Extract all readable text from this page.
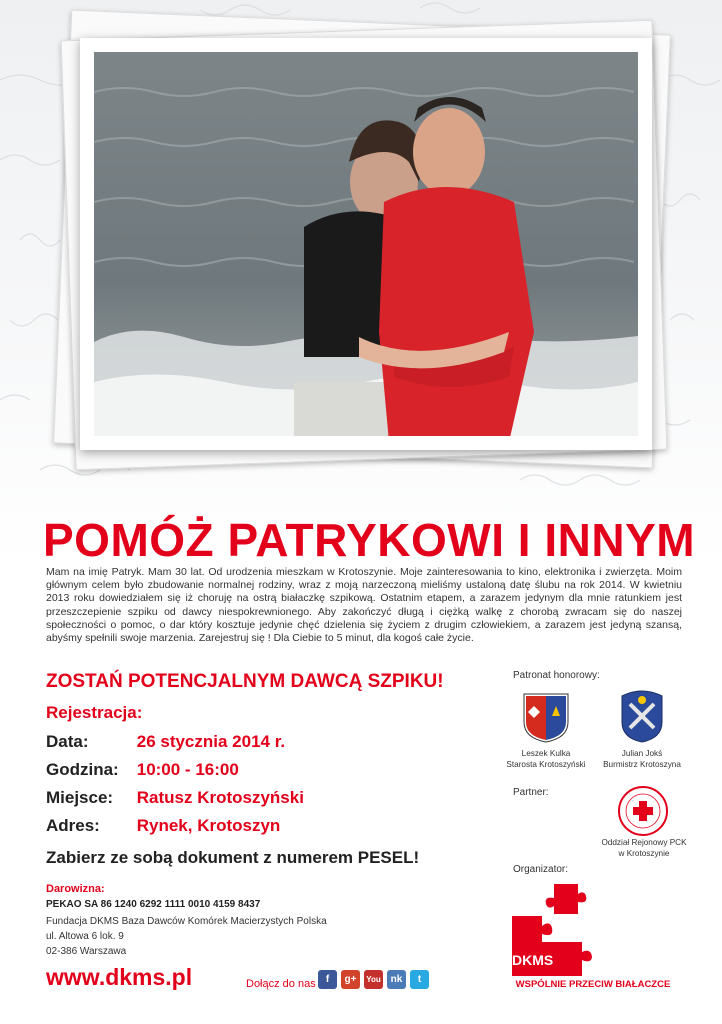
POMÓŻ PATRYKOWI I INNYM
Mam na imię Patryk. Mam 30 lat. Od urodzenia mieszkam w Krotoszynie. Moje zainteresowania to kino, elektronika i zwierzęta. Moim głównym celem było zbudowanie normalnej rodziny, wraz z moją narzeczoną mieliśmy ustaloną datę ślubu na rok 2014. W kwietniu 2013 roku dowiedziałem się iż choruję na ostrą białaczkę szpikową. Ostatnim etapem, a zarazem jedynym dla mnie ratunkiem jest przeszczepienie szpiku od dawcy niespokrewnionego. Aby zakończyć długą i ciężką walkę z chorobą zwracam się do naszej społeczności o pomoc, o dar który kosztuje jedynie chęć dzielenia się życiem z drugim człowiekiem, a zarazem jest jedyną szansą, abyśmy spełnili swoje marzenia. Zarejestruj się ! Dla Ciebie to 5 minut, dla kogoś całe życie.
ZOSTAŃ POTENCJALNYM DAWCĄ SZPIKU!
Rejestracja:
Data:	26 stycznia 2014 r.
Godzina: 10:00 - 16:00
Miejsce: Ratusz Krotoszyński
Adres: Rynek, Krotoszyn
Zabierz ze sobą dokument z numerem PESEL!
Darowizna:
PEKAO SA 86 1240 6292 1111 0010 4159 8437
Fundacja DKMS Baza Dawców Komórek Macierzystych Polska
ul. Altowa 6 lok. 9
02-386 Warszawa
www.dkms.pl	Dołącz do nas	f	g+	You nk	t
Patronat honorowy:
Leszek Kulka
Starosta Krotoszyński
Julian Jokś
Burmistrz Krotoszyna
Partner:
Oddział Rejonowy PCK
w Krotoszynie
Organizator:
DKMS
WSPÓLNIE PRZECIW BIAŁACZCE
